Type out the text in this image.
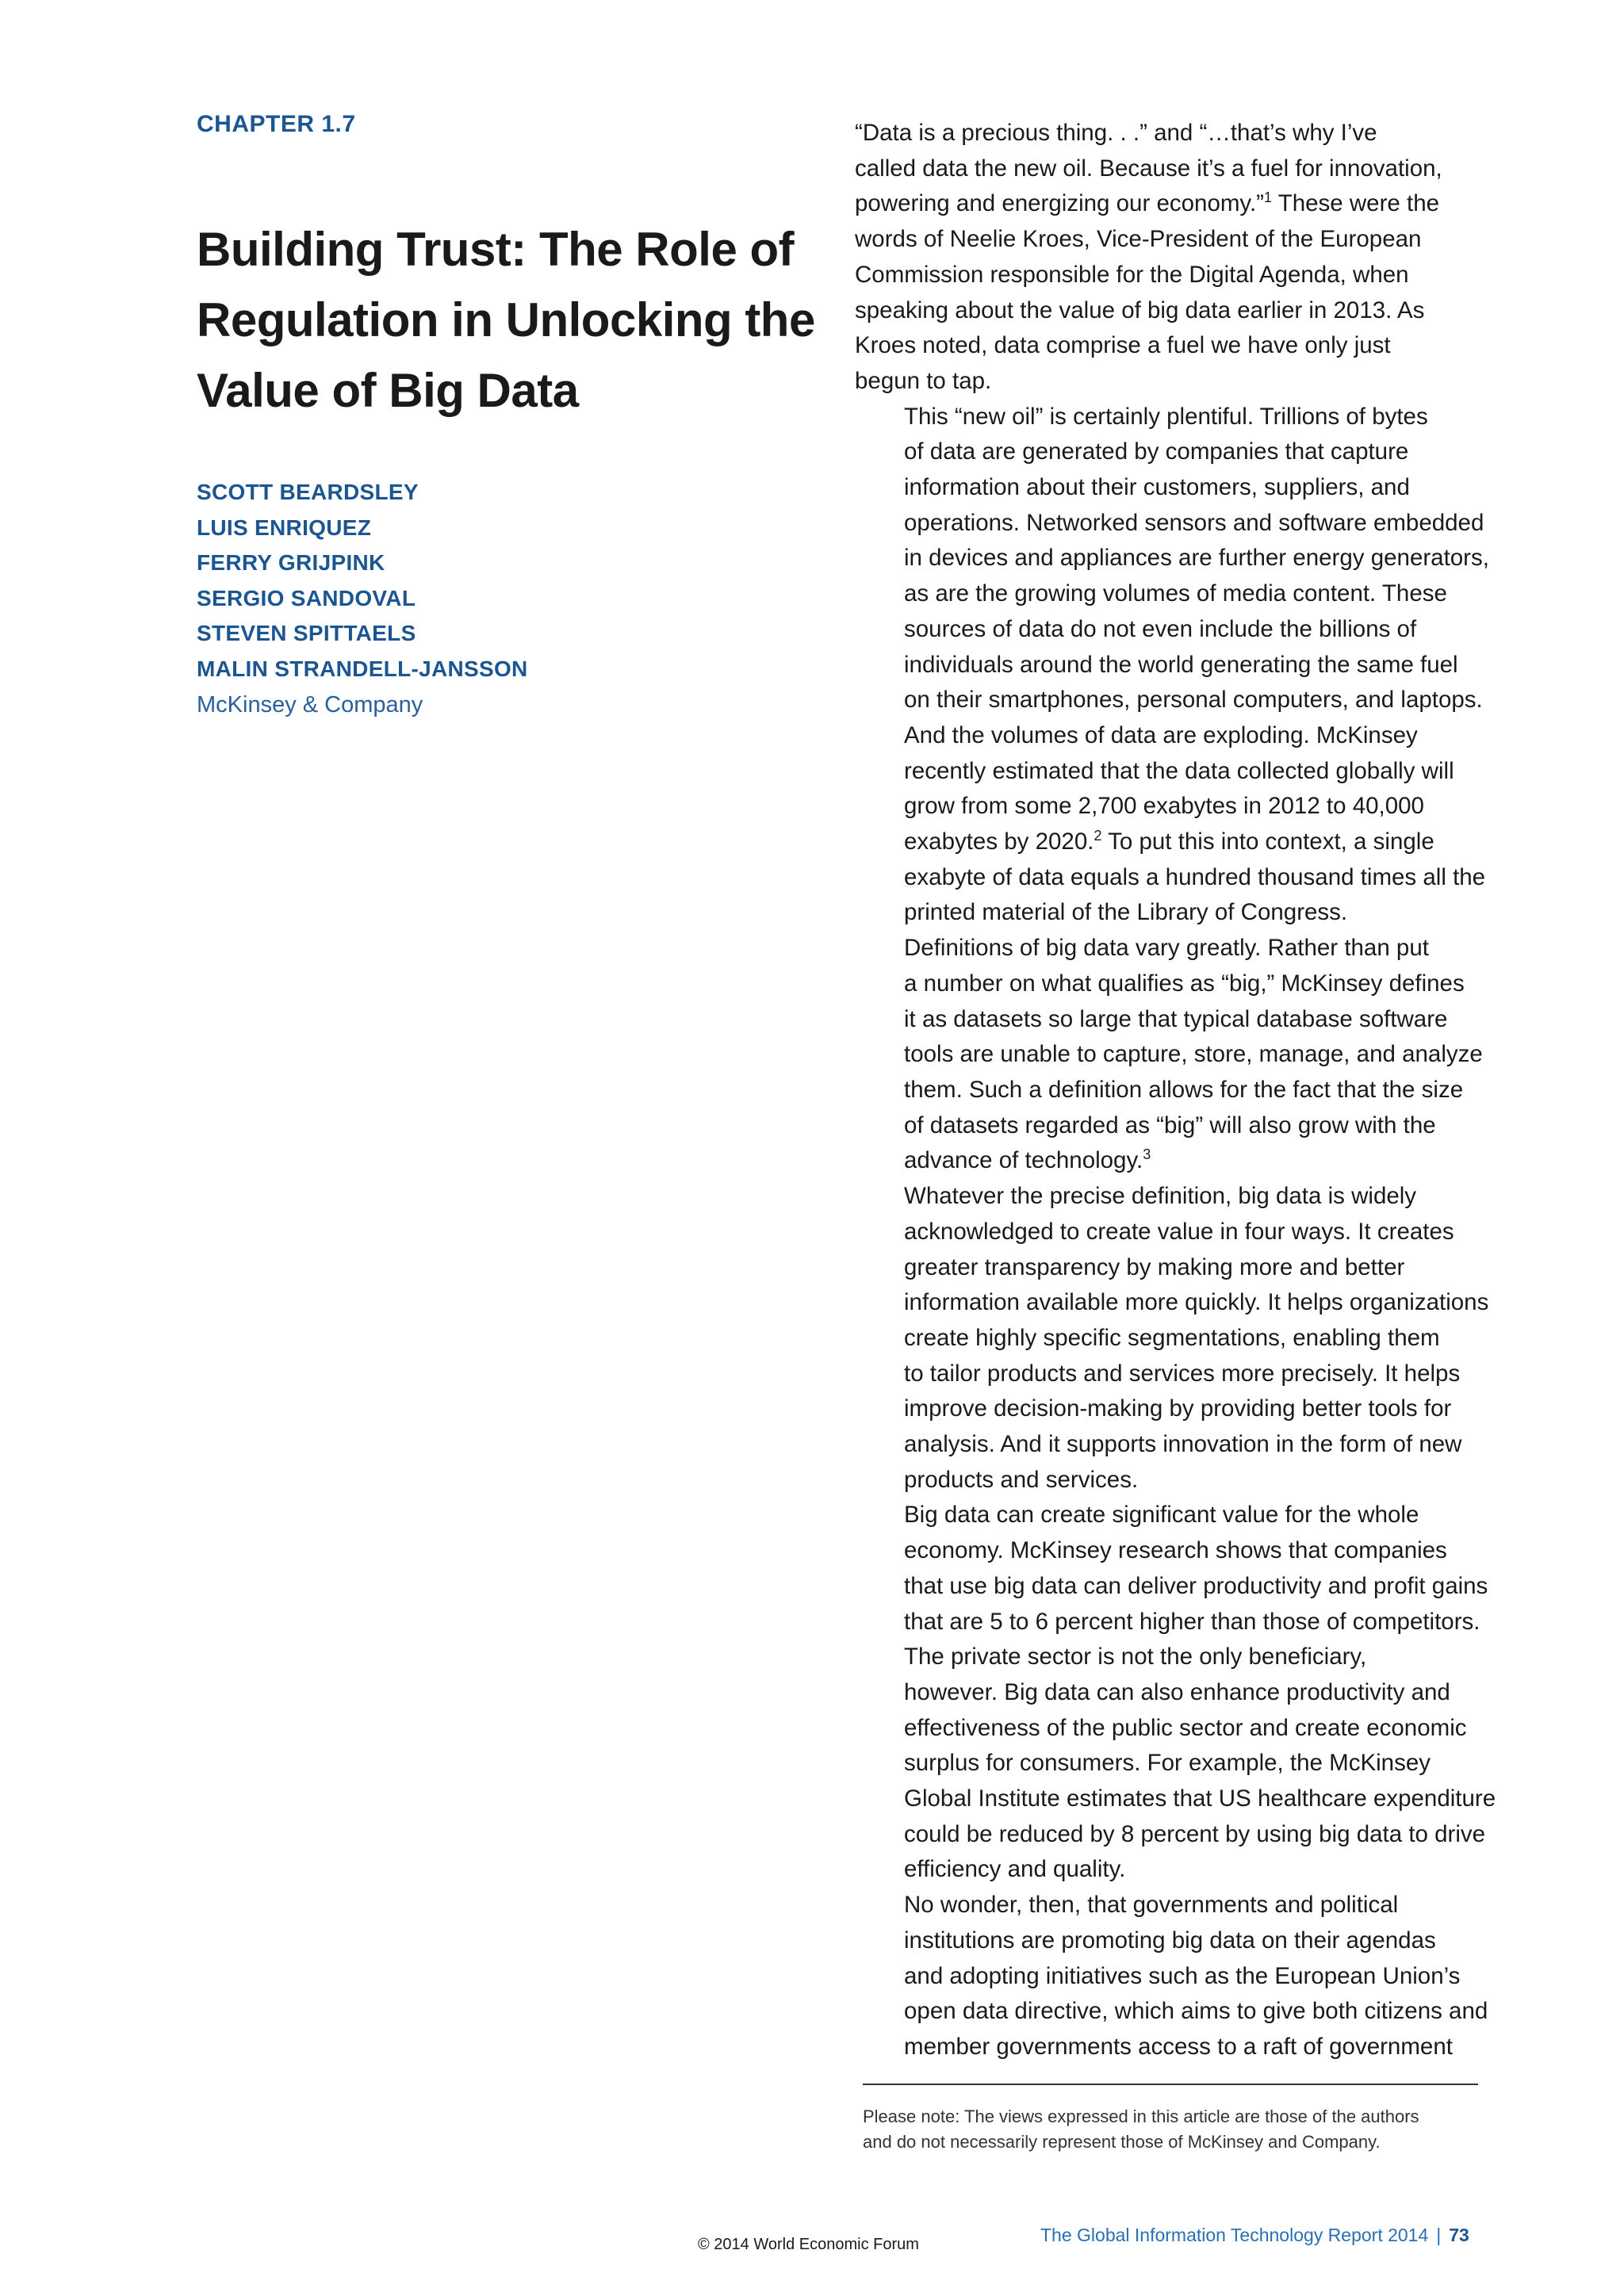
CHAPTER 1.7

Building Trust: The Role of
Regulation in Unlocking the
Value of Big Data
SCOTT BEARDSLEY
LUIS ENRIQUEZ
FERRY GRIJPINK
SERGIO SANDOVAL
STEVEN SPITTAELS
MALIN STRANDELL-JANSSON
McKinsey & Company

“Data is a precious thing. . .” and “…that’s why I’ve
called data the new oil. Because it’s a fuel for innovation,
powering and energizing our economy.”$^1$ These were the
words of Neelie Kroes, Vice-President of the European
Commission responsible for the Digital Agenda, when
speaking about the value of big data earlier in 2013. As
Kroes noted, data comprise a fuel we have only just
begun to tap.

This “new oil” is certainly plentiful. Trillions of bytes
of data are generated by companies that capture
information about their customers, suppliers, and
operations. Networked sensors and software embedded
in devices and appliances are further energy generators,
as are the growing volumes of media content. These
sources of data do not even include the billions of
individuals around the world generating the same fuel
on their smartphones, personal computers, and laptops.
And the volumes of data are exploding. McKinsey
recently estimated that the data collected globally will
grow from some 2,700 exabytes in 2012 to 40,000
exabytes by 2020.$^2$ To put this into context, a single
exabyte of data equals a hundred thousand times all the
printed material of the Library of Congress.

Definitions of big data vary greatly. Rather than put
a number on what qualifies as “big,” McKinsey defines
it as datasets so large that typical database software
tools are unable to capture, store, manage, and analyze
them. Such a definition allows for the fact that the size
of datasets regarded as “big” will also grow with the
advance of technology.$^3$

Whatever the precise definition, big data is widely
acknowledged to create value in four ways. It creates
greater transparency by making more and better
information available more quickly. It helps organizations
create highly specific segmentations, enabling them
to tailor products and services more precisely. It helps
improve decision-making by providing better tools for
analysis. And it supports innovation in the form of new
products and services.

Big data can create significant value for the whole
economy. McKinsey research shows that companies
that use big data can deliver productivity and profit gains
that are 5 to 6 percent higher than those of competitors.
The private sector is not the only beneficiary,
however. Big data can also enhance productivity and
effectiveness of the public sector and create economic
surplus for consumers. For example, the McKinsey
Global Institute estimates that US healthcare expenditure
could be reduced by 8 percent by using big data to drive
efficiency and quality.

No wonder, then, that governments and political
institutions are promoting big data on their agendas
and adopting initiatives such as the European Union’s
open data directive, which aims to give both citizens and
member governments access to a raft of government

Please note: The views expressed in this article are those of the authors
and do not necessarily represent those of McKinsey and Company.
© 2014 World Economic Forum	The Global Information Technology Report 2014 | 73
